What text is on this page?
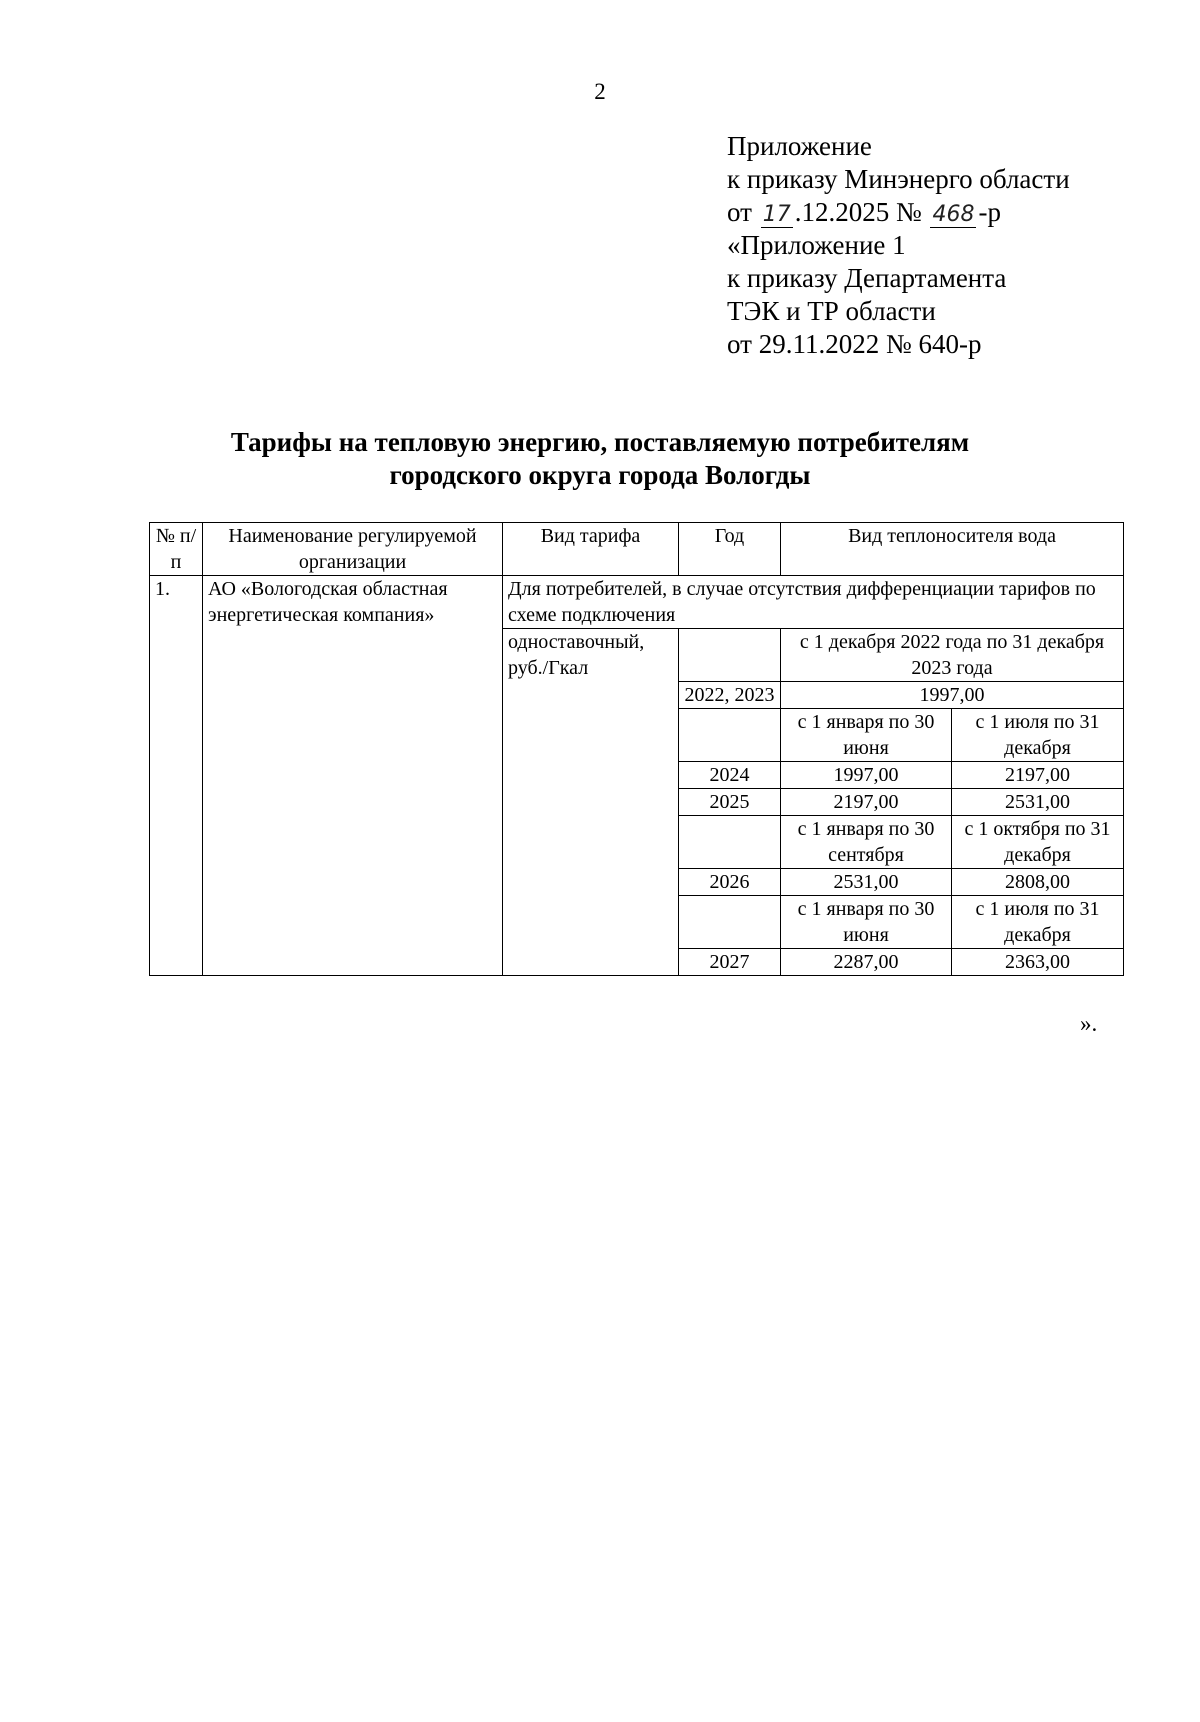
2
Приложение
к приказу Минэнерго области
от 17 .12.2025 № 468 -р
«Приложение 1
к приказу Департамента
ТЭК и ТР области
от 29.11.2022 № 640-р
Тарифы на тепловую энергию, поставляемую потребителям
городского округа города Вологды
№ п/п	Наименование регулируемой организации	Вид тарифа	Год	Вид теплоносителя вода	
1.	АО «Вологодская областная энергетическая компания»	Для потребителей, в случае отсутствия дифференциации тарифов по схеме подключения			
		одноставочный, руб./Гкал		с 1 декабря 2022 года по 31 декабря 2023 года	
			2022, 2023	1997,00	
				с 1 января по 30 июня	с 1 июля по 31 декабря
			2024	1997,00	2197,00
			2025	2197,00	2531,00
				с 1 января по 30 сентября	с 1 октября по 31 декабря
			2026	2531,00	2808,00
				с 1 января по 30 июня	с 1 июля по 31 декабря
			2027	2287,00	2363,00
».
